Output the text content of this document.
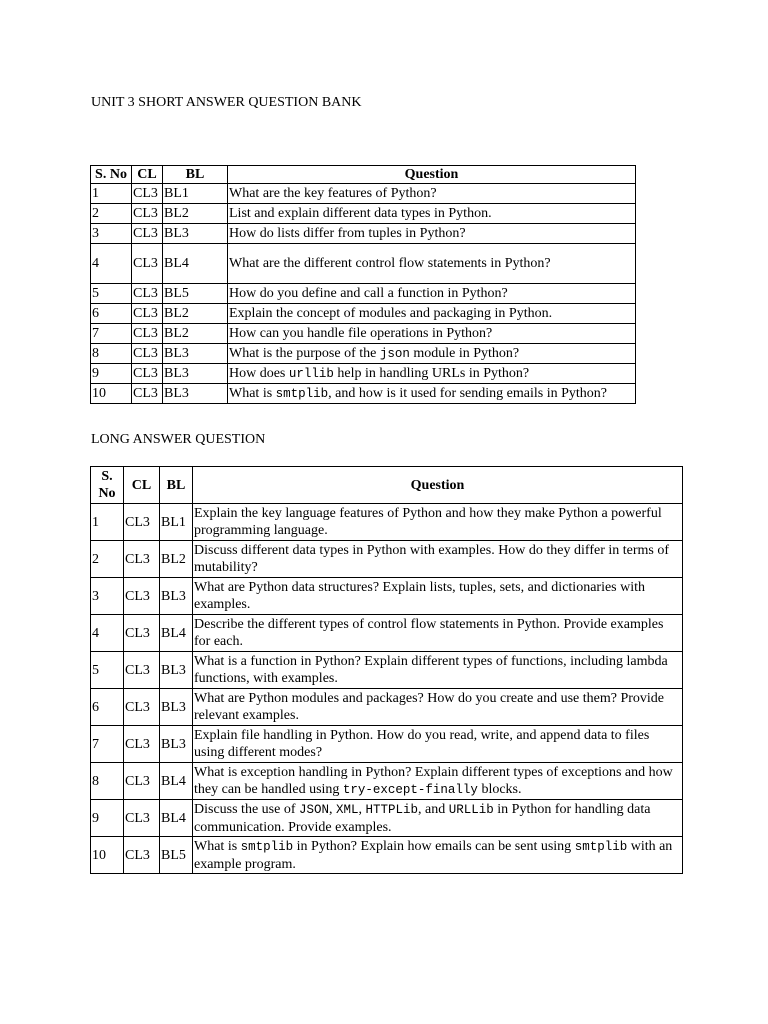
UNIT 3 SHORT ANSWER QUESTION BANK

S. No	CL	BL	Question
1	CL3	BL1	What are the key features of Python?
2	CL3	BL2	List and explain different data types in Python.
3	CL3	BL3	How do lists differ from tuples in Python?
4	CL3	BL4	What are the different control flow statements in Python?
5	CL3	BL5	How do you define and call a function in Python?
6	CL3	BL2	Explain the concept of modules and packaging in Python.
7	CL3	BL2	How can you handle file operations in Python?
8	CL3	BL3	What is the purpose of the json module in Python?
9	CL3	BL3	How does urllib help in handling URLs in Python?
10	CL3	BL3	What is smtplib, and how is it used for sending emails in Python?

LONG ANSWER QUESTION

S. No	CL	BL	Question
1	CL3	BL1	Explain the key language features of Python and how they make Python a powerful programming language.
2	CL3	BL2	Discuss different data types in Python with examples. How do they differ in terms of mutability?
3	CL3	BL3	What are Python data structures? Explain lists, tuples, sets, and dictionaries with examples.
4	CL3	BL4	Describe the different types of control flow statements in Python. Provide examples for each.
5	CL3	BL3	What is a function in Python? Explain different types of functions, including lambda functions, with examples.
6	CL3	BL3	What are Python modules and packages? How do you create and use them? Provide relevant examples.
7	CL3	BL3	Explain file handling in Python. How do you read, write, and append data to files using different modes?
8	CL3	BL4	What is exception handling in Python? Explain different types of exceptions and how they can be handled using try-except-finally blocks.
9	CL3	BL4	Discuss the use of JSON, XML, HTTPLib, and URLLib in Python for handling data communication. Provide examples.
10	CL3	BL5	What is smtplib in Python? Explain how emails can be sent using smtplib with an example program.
